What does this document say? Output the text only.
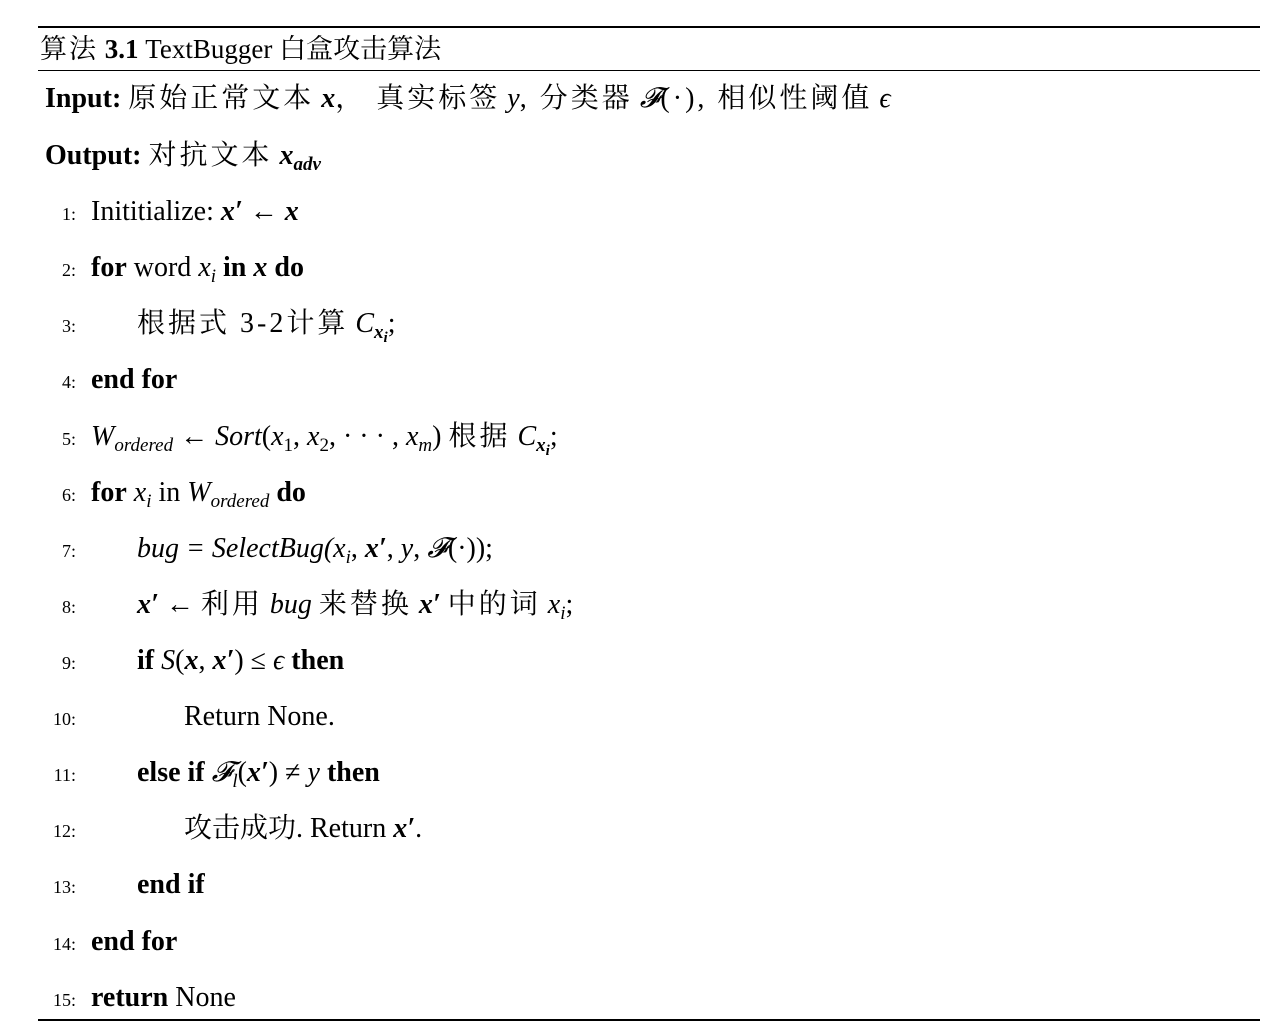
算法 3.1 TextBugger 白盒攻击算法
Input: 原始正常文本 x， 真实标签 y, 分类器 𝓕(·), 相似性阈值 ϵ
Output: 对抗文本 $x_{adv}$
1: Inititialize: x′ ← x
2: for word $x_i$ in x do
3: 根据式 3-2计算 $C_{x_i}$;
4: end for
5: $W_{ordered}$ ← $Sort(x_1$, $x_2$, · · · , $x_m$) 根据 $C_{x_i}$;
6: for $x_i$ in $W_{ordered}$ do
7: bug = $SelectBug(x_i$, x′, y, 𝓕(·));
8: x′ ← 利用 bug 来替换 x′ 中的词 $x_i$;
9: if S(x, x′) ≤ ϵ then
10:	Return None.
11: else if 𝓕$_l$(x′) ≠ y then
12:	攻击成功. Return x′.
13: end if
14: end for
15: return None
